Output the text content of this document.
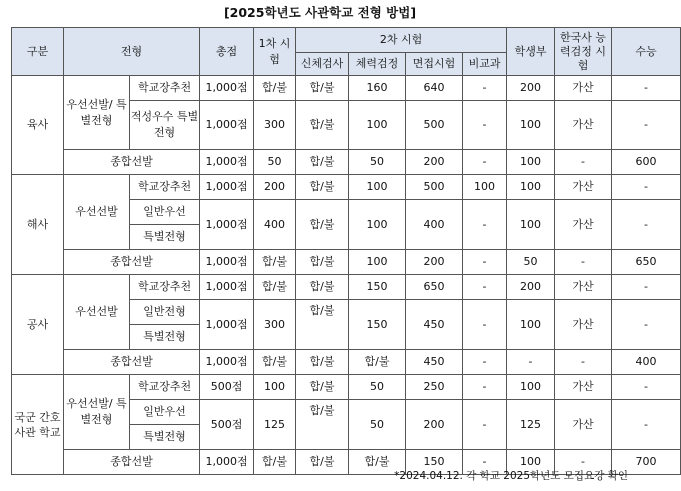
[2025학년도 사관학교 전형 방법]
구분	전형		총점	1차 시험	2차 시험				학생부	한국사 능력검정 시험	수능
					신체검사	체력검정	면접시험	비교과			
육사	우선선발/ 특별전형	학교장추천	1,000점	합/불	합/불	160	640	-	200	가산	-
		적성우수 특별전형	1,000점	300	합/불	100	500	-	100	가산	-
	종합선발		1,000점	50	합/불	50	200	-	100	-	600
해사	우선선발	학교장추천	1,000점	200	합/불	100	500	100	100	가산	-
		일반우선	1,000점	400	합/불	100	400	-	100	가산	-
		특별전형									
	종합선발		1,000점	합/불	합/불	100	200	-	50	-	650
공사	우선선발	학교장추천	1,000점	합/불	합/불	150	650	-	200	가산	-
		일반전형	1,000점	300	합/불	150	450	-	100	가산	-
		특별전형									
	종합선발		1,000점	합/불	합/불	합/불	450	-	-	-	400
국군 간호 사관 학교	우선선발/ 특별전형	학교장추천	500점	100	합/불	50	250	-	100	가산	-
		일반우선	500점	125	합/불	50	200	-	125	가산	-
		특별전형									
	종합선발		1,000점	합/불	합/불	합/불	150	-	100	-	700
*2024.04.12. 각 학교 2025학년도 모집요강 확인
